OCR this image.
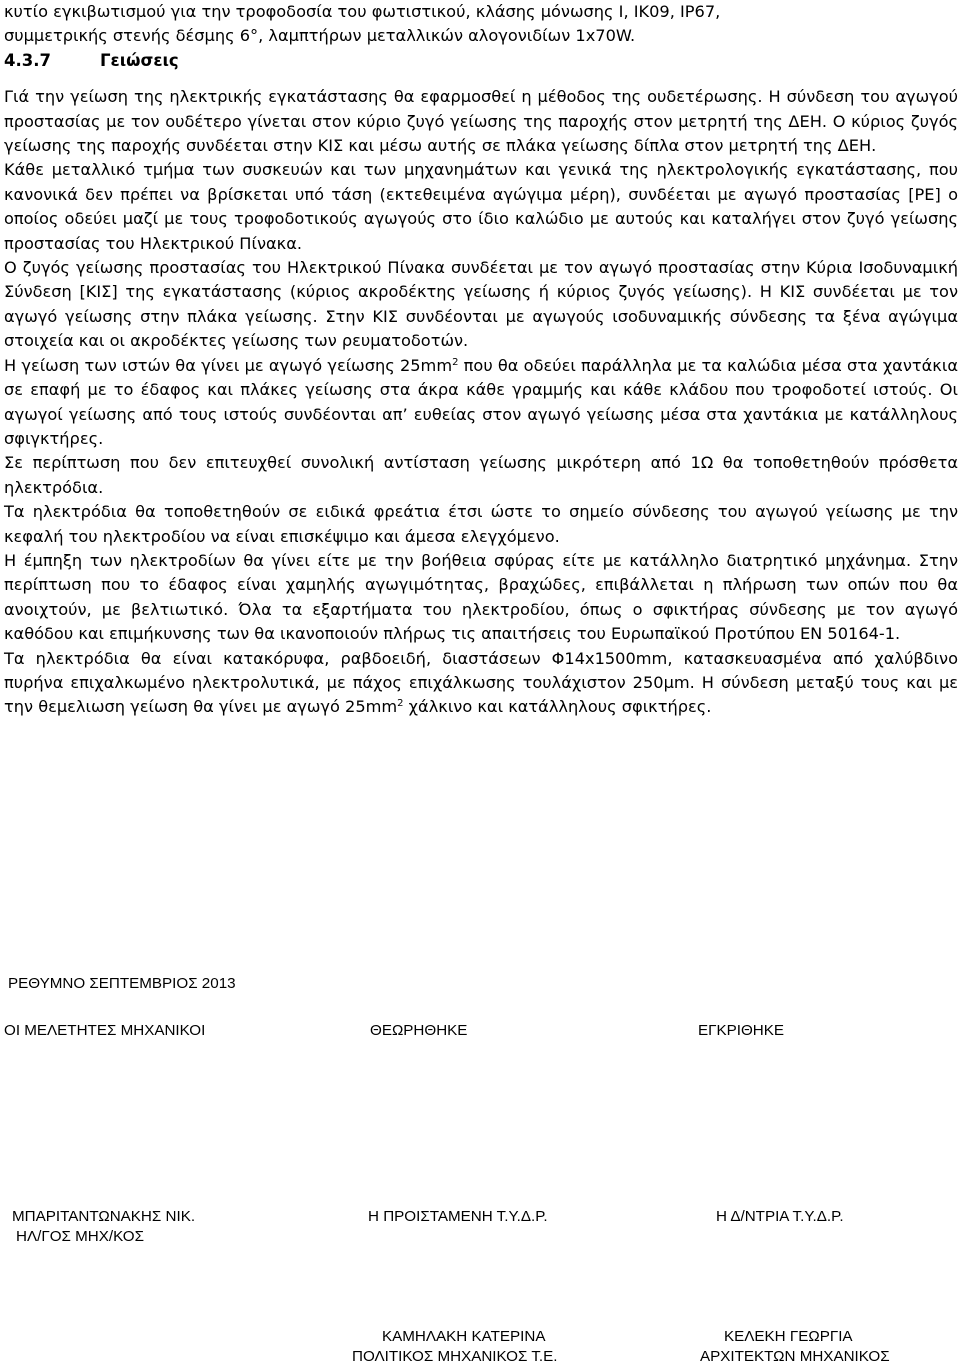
κυτίο εγκιβωτισμού για την τροφοδοσία του φωτιστικού, κλάσης μόνωσης Ι, ΙΚ09, ΙΡ67,

συμμετρικής στενής δέσμης 6°, λαμπτήρων μεταλλικών αλογονιδίων 1x70W.

4.3.7	Γειώσεις

Γιά την γείωση της ηλεκτρικής εγκατάστασης θα εφαρμοσθεί η μέθοδος της ουδετέρωσης. Η σύνδεση του αγωγού προστασίας με τον ουδέτερο γίνεται στον κύριο ζυγό γείωσης της παροχής στον μετρητή της ΔΕΗ. Ο κύριος ζυγός γείωσης της παροχής συνδέεται στην ΚΙΣ και μέσω αυτής σε πλάκα γείωσης δίπλα στον μετρητή της ΔΕΗ.

Κάθε μεταλλικό τμήμα των συσκευών και των μηχανημάτων και γενικά της ηλεκτρολογικής εγκατάστασης, που κανονικά δεν πρέπει να βρίσκεται υπό τάση (εκτεθειμένα αγώγιμα μέρη), συνδέεται με αγωγό προστασίας [PE] ο οποίος οδεύει μαζί με τους τροφοδοτικούς αγωγούς στο ίδιο καλώδιο με αυτούς και καταλήγει στον ζυγό γείωσης προστασίας του Ηλεκτρικού Πίνακα.

Ο ζυγός γείωσης προστασίας του Ηλεκτρικού Πίνακα συνδέεται με τον αγωγό προστασίας στην Κύρια Ισοδυναμική Σύνδεση [ΚΙΣ] της εγκατάστασης (κύριος ακροδέκτης γείωσης ή κύριος ζυγός γείωσης). Η ΚΙΣ συνδέεται με τον αγωγό γείωσης στην πλάκα γείωσης. Στην ΚΙΣ συνδέονται με αγωγούς ισοδυναμικής σύνδεσης τα ξένα αγώγιμα στοιχεία και οι ακροδέκτες γείωσης των ρευματοδοτών.

Η γείωση των ιστών θα γίνει με αγωγό γείωσης $25mm^2$ που θα οδεύει παράλληλα με τα καλώδια μέσα στα χαντάκια σε επαφή με το έδαφος και πλάκες γείωσης στα άκρα κάθε γραμμής και κάθε κλάδου που τροφοδοτεί ιστούς. Οι αγωγοί γείωσης από τους ιστούς συνδέονται απ’ ευθείας στον αγωγό γείωσης μέσα στα χαντάκια με κατάλληλους σφιγκτήρες.

Σε περίπτωση που δεν επιτευχθεί συνολική αντίσταση γείωσης μικρότερη από 1Ω θα τοποθετηθούν πρόσθετα ηλεκτρόδια.

Τα ηλεκτρόδια θα τοποθετηθούν σε ειδικά φρεάτια έτσι ώστε το σημείο σύνδεσης του αγωγού γείωσης με την κεφαλή του ηλεκτροδίου να είναι επισκέψιμο και άμεσα ελεγχόμενο.

Η έμπηξη των ηλεκτροδίων θα γίνει είτε με την βοήθεια σφύρας είτε με κατάλληλο διατρητικό μηχάνημα. Στην περίπτωση που το έδαφος είναι χαμηλής αγωγιμότητας, βραχώδες, επιβάλλεται η πλήρωση των οπών που θα ανοιχτούν, με βελτιωτικό. Όλα τα εξαρτήματα του ηλεκτροδίου, όπως ο σφικτήρας σύνδεσης με τον αγωγό καθόδου και επιμήκυνσης των θα ικανοποιούν πλήρως τις απαιτήσεις του Ευρωπαϊκού Προτύπου ΕΝ 50164-1.

Τα ηλεκτρόδια θα είναι κατακόρυφα, ραβδοειδή, διαστάσεων Φ14x1500mm, κατασκευασμένα από χαλύβδινο πυρήνα επιχαλκωμένο ηλεκτρολυτικά, με πάχος επιχάλκωσης τουλάχιστον 250μm. Η σύνδεση μεταξύ τους και με την θεμελιωση γείωση θα γίνει με αγωγό $25mm^2$ χάλκινο και κατάλληλους σφικτήρες.

ΡΕΘΥΜΝΟ ΣΕΠΤΕΜΒΡΙΟΣ 2013
ΟΙ ΜΕΛΕΤΗΤΕΣ ΜΗΧΑΝΙΚΟΙ	ΘΕΩΡΗΘΗΚΕ	ΕΓΚΡΙΘΗΚΕ
ΜΠΑΡΙΤΑΝΤΩΝΑΚΗΣ ΝΙΚ.
ΗΛ/ΓΟΣ ΜΗΧ/ΚΟΣ
Η ΠΡΟΙΣΤΑΜΕΝΗ Τ.Υ.Δ.Ρ.	Η Δ/ΝΤΡΙΑ Τ.Υ.Δ.Ρ.
ΚΑΜΗΛΑΚΗ ΚΑΤΕΡΙΝΑ
ΠΟΛΙΤΙΚΟΣ ΜΗΧΑΝΙΚΟΣ Τ.Ε.
ΚΕΛΕΚΗ ΓΕΩΡΓΙΑ
ΑΡΧΙΤΕΚΤΩΝ ΜΗΧΑΝΙΚΟΣ
